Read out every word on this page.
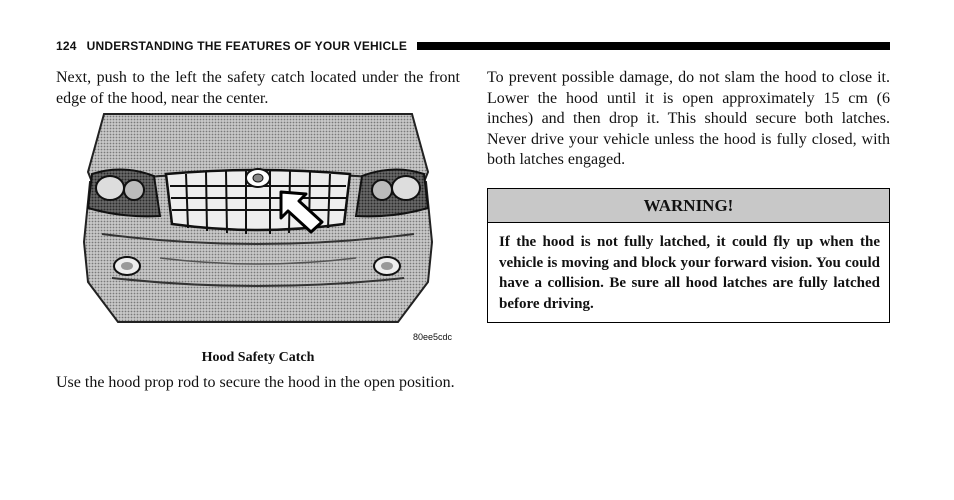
124 UNDERSTANDING THE FEATURES OF YOUR VEHICLE

Next, push to the left the safety catch located under the front edge of the hood, near the center.

80ee5cdc
Hood Safety Catch

Use the hood prop rod to secure the hood in the open position.

To prevent possible damage, do not slam the hood to close it. Lower the hood until it is open approximately 15 cm (6 inches) and then drop it. This should secure both latches. Never drive your vehicle unless the hood is fully closed, with both latches engaged.

WARNING!

If the hood is not fully latched, it could fly up when the vehicle is moving and block your forward vision. You could have a collision. Be sure all hood latches are fully latched before driving.
